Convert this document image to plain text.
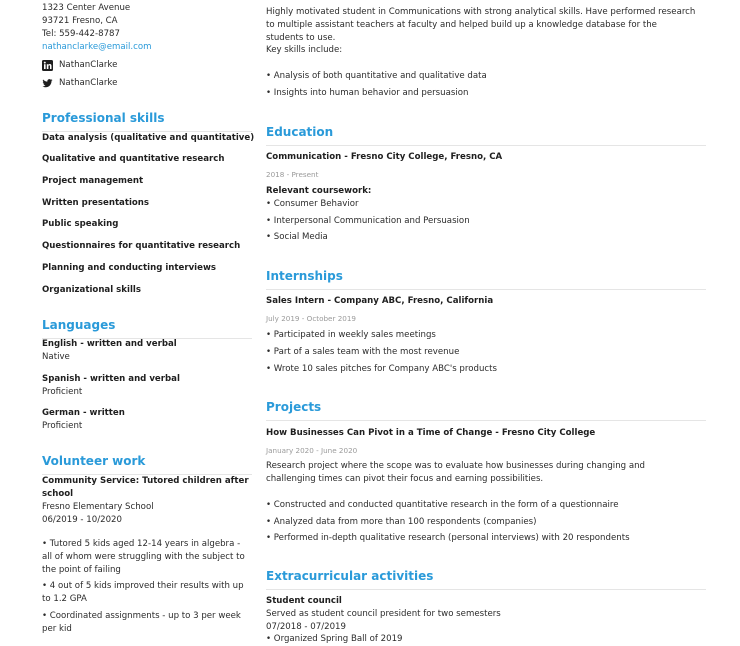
1323 Center Avenue
93721 Fresno, CA
Tel: 559-442-8787
nathanclarke@email.com
NathanClarke
NathanClarke
Professional skills
Data analysis (qualitative and quantitative)
Qualitative and quantitative research
Project management
Written presentations
Public speaking
Questionnaires for quantitative research
Planning and conducting interviews
Organizational skills
Languages
English - written and verbal
Native
Spanish - written and verbal
Proficient
German - written
Proficient
Volunteer work
Community Service: Tutored children after
school
Fresno Elementary School
06/2019 - 10/2020
• Tutored 5 kids aged 12-14 years in algebra - all of whom were struggling with the subject to the point of failing
• 4 out of 5 kids improved their results with up to 1.2 GPA
• Coordinated assignments - up to 3 per week per kid
Highly motivated student in Communications with strong analytical skills. Have performed research to multiple assistant teachers at faculty and helped build up a knowledge database for the students to use.
Key skills include:
• Analysis of both quantitative and qualitative data
• Insights into human behavior and persuasion
Education
Communication - Fresno City College, Fresno, CA
2018 - Present
Relevant coursework:
• Consumer Behavior
• Interpersonal Communication and Persuasion
• Social Media
Internships
Sales Intern - Company ABC, Fresno, California
July 2019 - October 2019
• Participated in weekly sales meetings
• Part of a sales team with the most revenue
• Wrote 10 sales pitches for Company ABC's products
Projects
How Businesses Can Pivot in a Time of Change - Fresno City College
January 2020 - June 2020
Research project where the scope was to evaluate how businesses during changing and challenging times can pivot their focus and earning possibilities.
• Constructed and conducted quantitative research in the form of a questionnaire
• Analyzed data from more than 100 respondents (companies)
• Performed in-depth qualitative research (personal interviews) with 20 respondents
Extracurricular activities
Student council
Served as student council president for two semesters
07/2018 - 07/2019
• Organized Spring Ball of 2019
